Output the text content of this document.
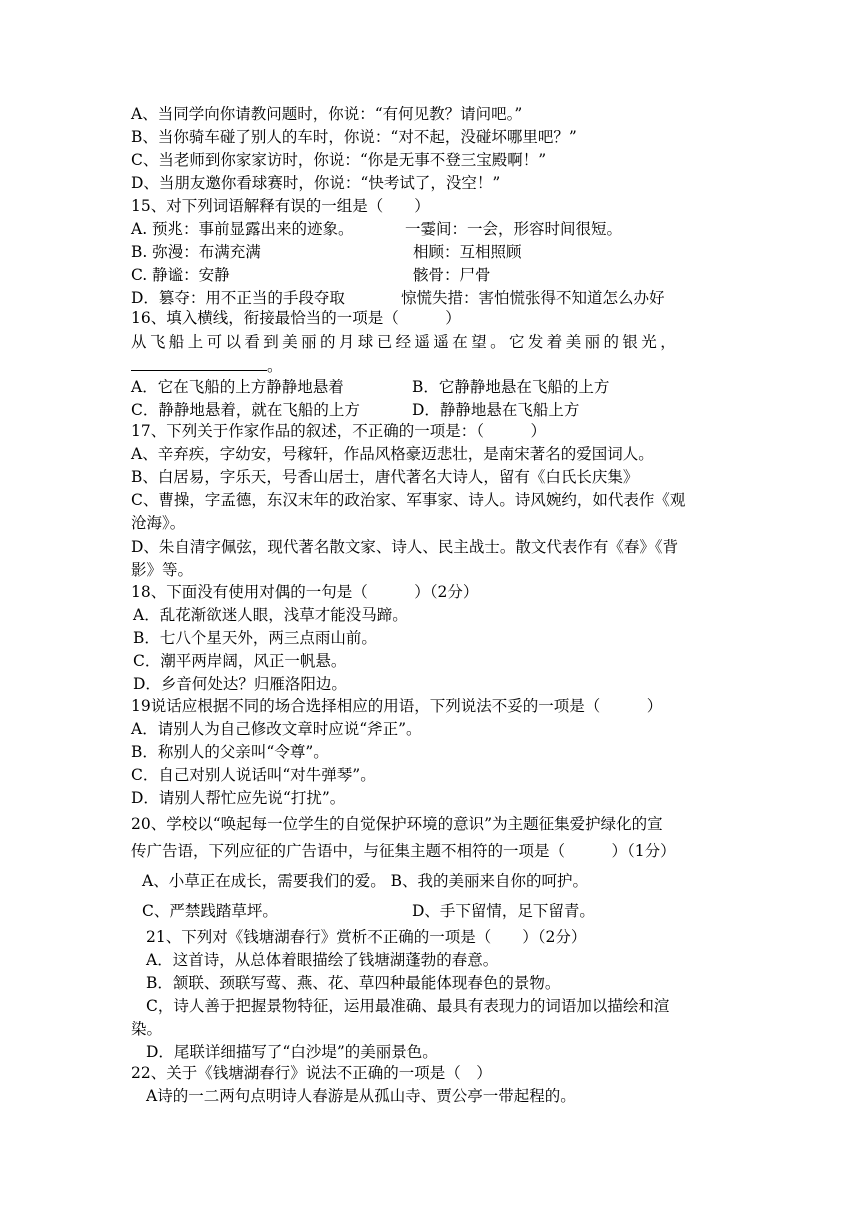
A、当同学向你请教问题时，你说：“有何见教？请问吧。”
B、当你骑车碰了别人的车时，你说：“对不起，没碰坏哪里吧？”
C、当老师到你家家访时，你说：“你是无事不登三宝殿啊！”
D、当朋友邀你看球赛时，你说：“快考试了，没空！”
15、对下列词语解释有误的一组是（　　）
A. 预兆：事前显露出来的迹象。	一霎间：一会，形容时间很短。
B. 弥漫：布满充满	相顾：互相照顾
C. 静谧：安静	骸骨：尸骨
D．篡夺：用不正当的手段夺取	惊慌失措：害怕慌张得不知道怎么办好
16、填入横线，衔接最恰当的一项是（　　　）
从飞船上可以看到美丽的月球已经遥遥在望。它发着美丽的银光，
。
A．它在飞船的上方静静地悬着	B．它静静地悬在飞船的上方
C．静静地悬着，就在飞船的上方	D．静静地悬在飞船上方
17、下列关于作家作品的叙述，不正确的一项是：（　　　）
A、辛弃疾，字幼安，号稼轩，作品风格豪迈悲壮，是南宋著名的爱国词人。
B、白居易，字乐天，号香山居士，唐代著名大诗人，留有《白氏长庆集》
C、曹操，字孟德，东汉末年的政治家、军事家、诗人。诗风婉约，如代表作《观
沧海》。
D、朱自清字佩弦，现代著名散文家、诗人、民主战士。散文代表作有《春》《背
影》等。
18、下面没有使用对偶的一句是（　　　）（2分）
A．乱花渐欲迷人眼，浅草才能没马蹄。
B．七八个星天外，两三点雨山前。
C．潮平两岸阔，风正一帆悬。
D．乡音何处达？归雁洛阳边。
19说话应根据不同的场合选择相应的用语，下列说法不妥的一项是（　　　）
A．请别人为自己修改文章时应说“斧正”。
B．称别人的父亲叫“令尊”。
C．自己对别人说话叫“对牛弹琴”。
D．请别人帮忙应先说“打扰”。
20、学校以“唤起每一位学生的自觉保护环境的意识”为主题征集爱护绿化的宣
传广告语，下列应征的广告语中，与征集主题不相符的一项是（　　　）（1分）
A、小草正在成长，需要我们的爱。 B、我的美丽来自你的呵护。
C、严禁践踏草坪。	D、手下留情，足下留青。
21、下列对《钱塘湖春行》赏析不正确的一项是（　　）（2分）
A．这首诗，从总体着眼描绘了钱塘湖蓬勃的春意。
B．颔联、颈联写莺、燕、花、草四种最能体现春色的景物。
C，诗人善于把握景物特征，运用最准确、最具有表现力的词语加以描绘和渲
染。
D．尾联详细描写了“白沙堤”的美丽景色。
22、关于《钱塘湖春行》说法不正确的一项是（　）
A诗的一二两句点明诗人春游是从孤山寺、贾公亭一带起程的。
